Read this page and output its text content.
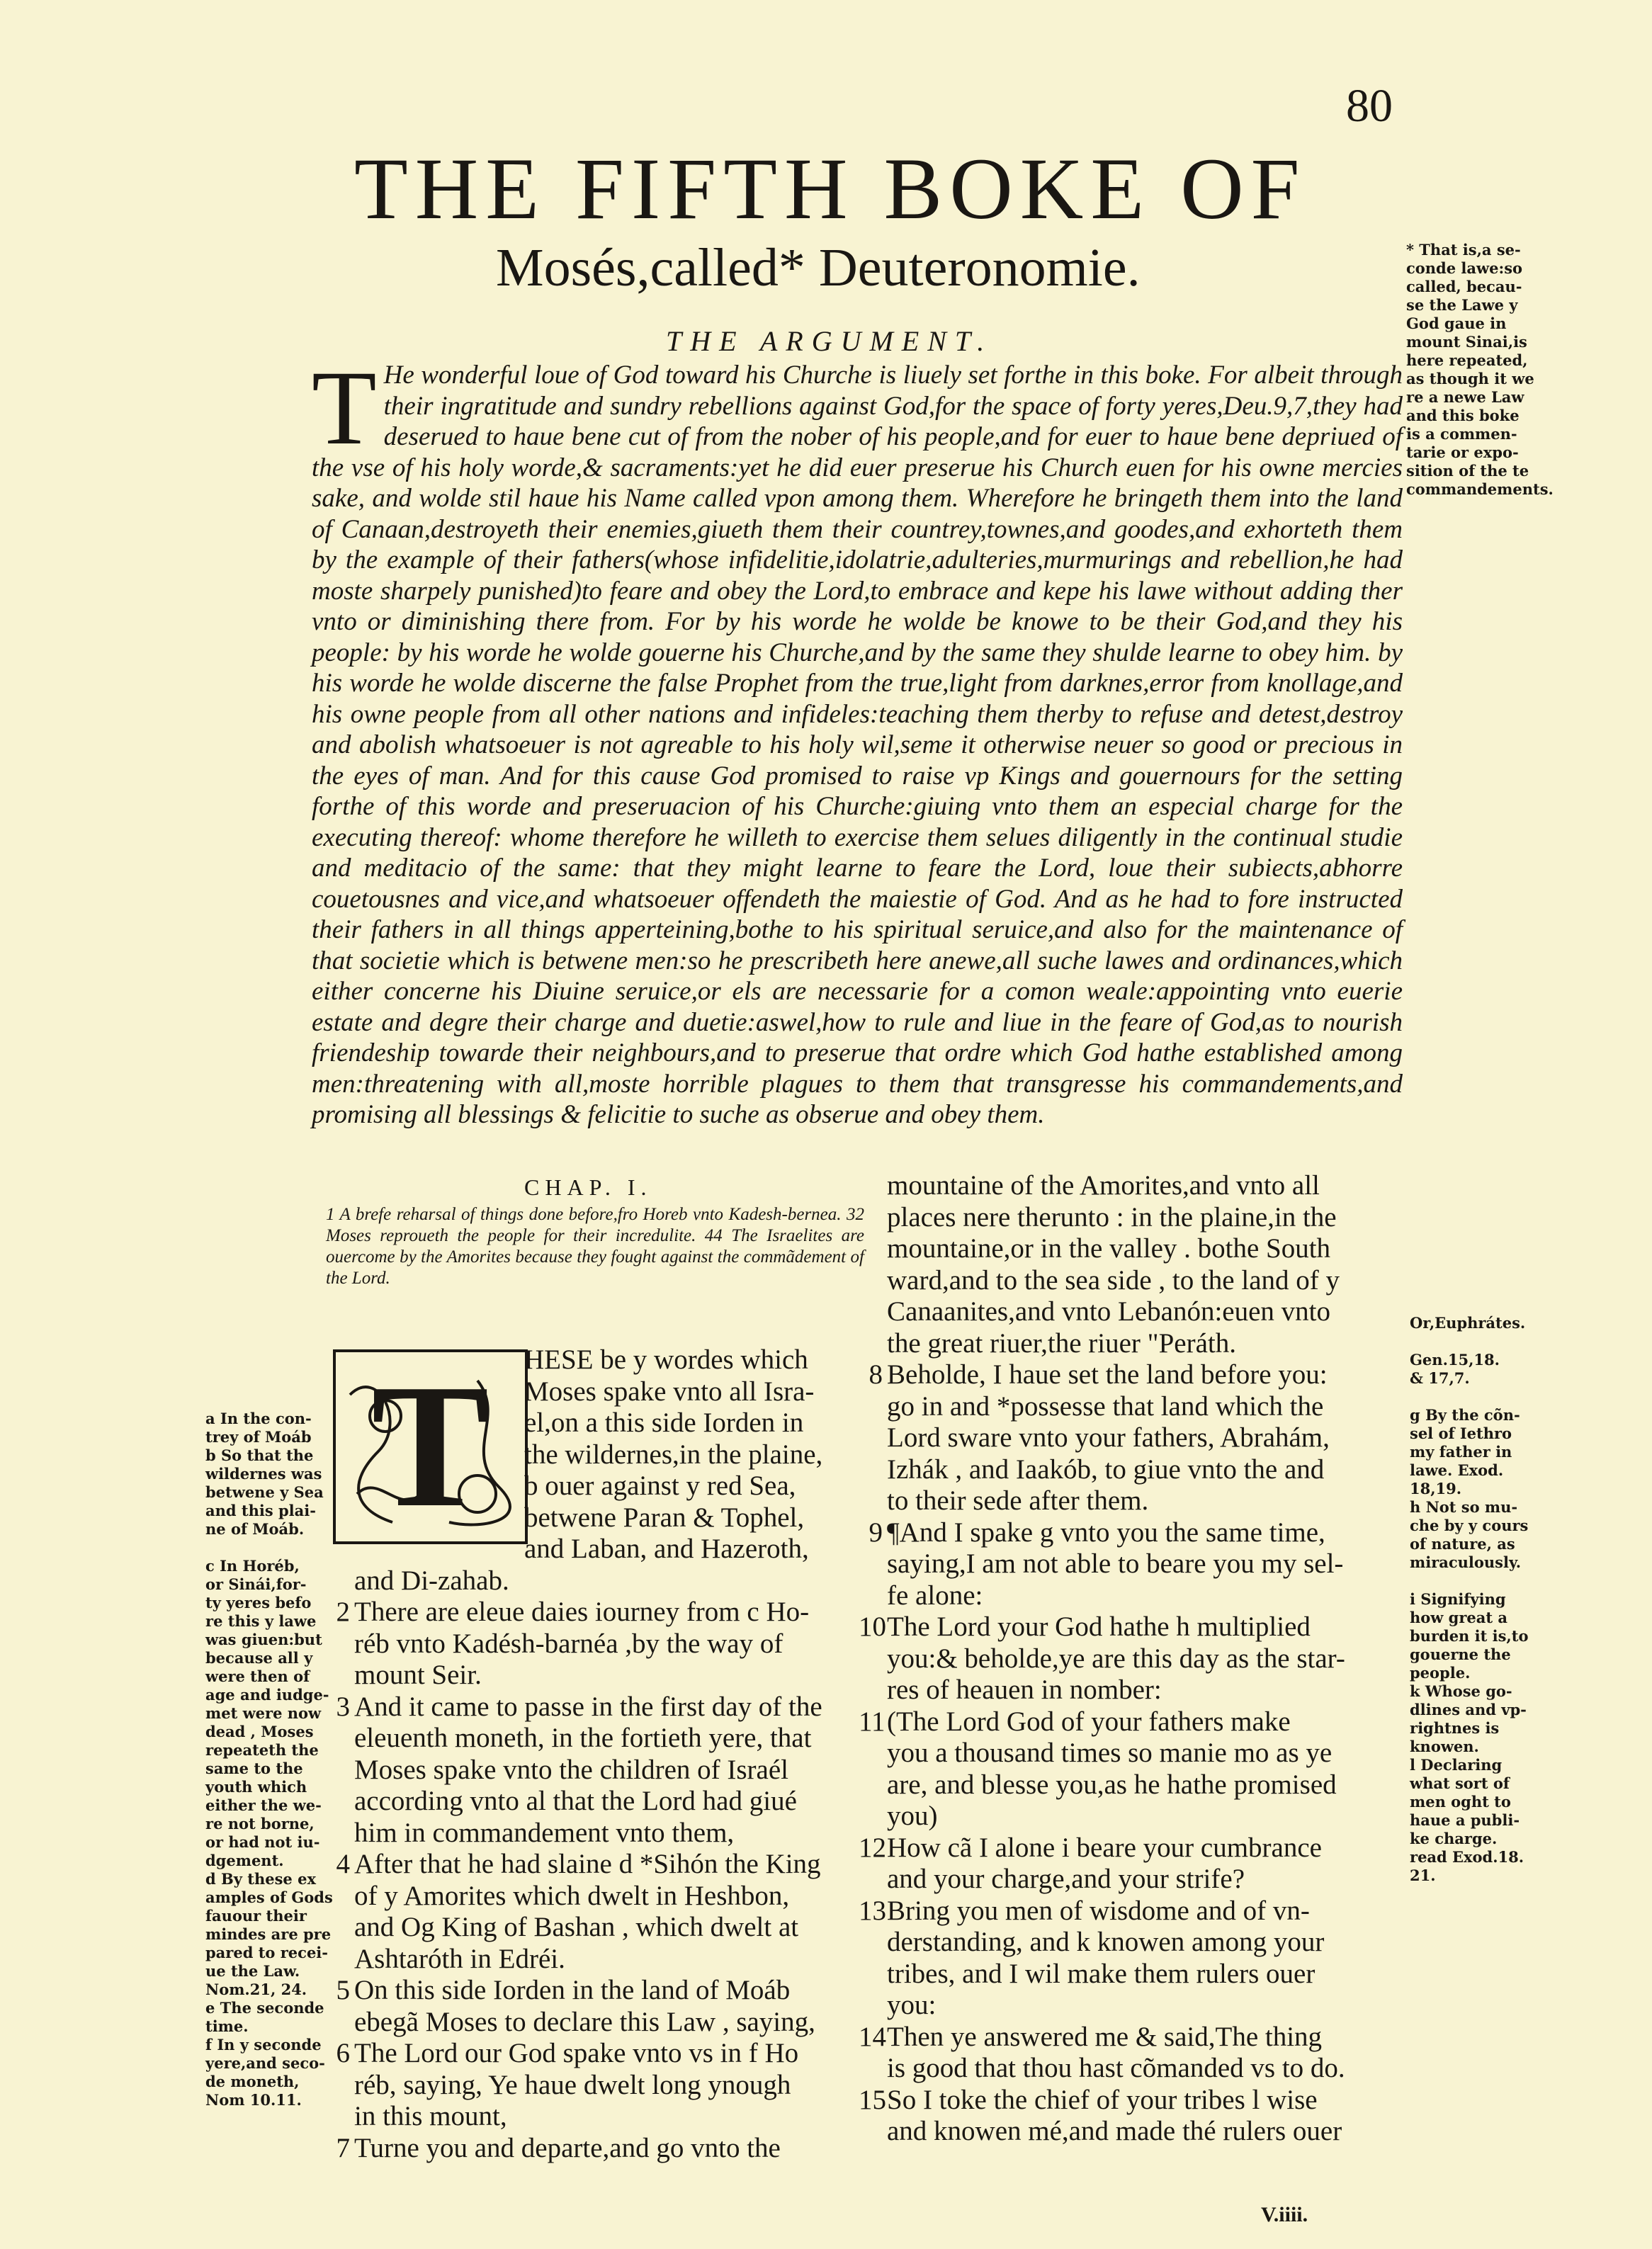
80
THE FIFTH BOKE OF
Mosés,called* Deuteronomie.	* That is,a se-
conde lawe:so
called, becau-
se the Lawe y
God gaue in
mount Sinai,is
here repeated,
as though it we
re a newe Law
and this boke
is a commen-
tarie or expo-
sition of the te
commandements.
THE ARGUMENT.
T He wonderful loue of God toward his Churche is liuely set forthe in this boke. For albeit through their ingratitude and sundry rebellions against God,for the space of forty yeres,Deu.9,7,they had deserued to haue bene cut of from the nober of his people,and for euer to haue bene depriued of the vse of his holy worde,& sacraments:yet he did euer preserue his Church euen for his owne mercies sake, and wolde stil haue his Name called vpon among them. Wherefore he bringeth them into the land of Canaan,destroyeth their enemies,giueth them their countrey,townes,and goodes,and exhorteth them by the example of their fathers(whose infidelitie,idolatrie,adulteries,murmurings and rebellion,he had moste sharpely punished)to feare and obey the Lord,to embrace and kepe his lawe without adding ther vnto or diminishing there from. For by his worde he wolde be knowe to be their God,and they his people: by his worde he wolde gouerne his Churche,and by the same they shulde learne to obey him. by his worde he wolde discerne the false Prophet from the true,light from darknes,error from knollage,and his owne people from all other nations and infideles:teaching them therby to refuse and detest,destroy and abolish whatsoeuer is not agreable to his holy wil,seme it otherwise neuer so good or precious in the eyes of man. And for this cause God promised to raise vp Kings and gouernours for the setting forthe of this worde and preseruacion of his Churche:giuing vnto them an especial charge for the executing thereof: whome therefore he willeth to exercise them selues diligently in the continual studie and meditacio of the same: that they might learne to feare the Lord, loue their subiects,abhorre couetousnes and vice,and whatsoeuer offendeth the maiestie of God. And as he had to fore instructed their fathers in all things apperteining,bothe to his spiritual seruice,and also for the maintenance of that societie which is betwene men:so he prescribeth here anewe,all suche lawes and ordinances,which either concerne his Diuine seruice,or els are necessarie for a comon weale:appointing vnto euerie estate and degre their charge and duetie:aswel,how to rule and liue in the feare of God,as to nourish friendeship towarde their neighbours,and to preserue that ordre which God hathe established among men:threatening with all,moste horrible plagues to them that transgresse his commandements,and promising all blessings & felicitie to suche as obserue and obey them.
CHAP. I.
1 A brefe reharsal of things done before,fro Horeb vnto Kadesh-bernea. 32 Moses reproueth the people for their incredulite. 44 The Israelites are ouercome by the Amorites because they fought against the commãdement of the Lord.
T	HESE be y wordes which
Moses spake vnto all Isra-
el,on a this side Iorden in
the wildernes,in the plaine,
b ouer against y red Sea,
betwene Paran & Tophel,
and Laban, and Hazeroth,
and Di-zahab.
2 There are eleue daies iourney from c Ho-
réb vnto Kadésh-barnéa ,by the way of
mount Seir.
3 And it came to passe in the first day of the
eleuenth moneth, in the fortieth yere, that
Moses spake vnto the children of Israél
according vnto al that the Lord had giué
him in commandement vnto them,
4 After that he had slaine d *Sihón the King
of y Amorites which dwelt in Heshbon,
and Og King of Bashan , which dwelt at
Ashtaróth in Edréi.
5 On this side Iorden in the land of Moáb
ebegã Moses to declare this Law , saying,
6 The Lord our God spake vnto vs in f Ho
réb, saying, Ye haue dwelt long ynough
in this mount,
7 Turne you and departe,and go vnto the
mountaine of the Amorites,and vnto all
places nere therunto : in the plaine,in the
mountaine,or in the valley . bothe South
ward,and to the sea side , to the land of y
Canaanites,and vnto Lebanón:euen vnto
the great riuer,the riuer "Peráth.
8 Beholde, I haue set the land before you:
go in and *possesse that land which the
Lord sware vnto your fathers, Abrahám,
Izhák , and Iaakób, to giue vnto the and
to their sede after them.
9 ¶And I spake g vnto you the same time,
saying,I am not able to beare you my sel-
fe alone:
10 The Lord your God hathe h multiplied
you:& beholde,ye are this day as the star-
res of heauen in nomber:
11 (The Lord God of your fathers make
you a thousand times so manie mo as ye
are, and blesse you,as he hathe promised
you)
12 How cã I alone i beare your cumbrance
and your charge,and your strife?
13 Bring you men of wisdome and of vn-
derstanding, and k knowen among your
tribes, and I wil make them rulers ouer
you:
14 Then ye answered me & said,The thing
is good that thou hast cõmanded vs to do.
15 So I toke the chief of your tribes l wise
and knowen mé,and made thé rulers ouer
a In the con-
trey of Moáb
b So that the
wildernes was
betwene y Sea
and this plai-
ne of Moáb.

c In Horéb,
or Sinái,for-
ty yeres befo
re this y lawe
was giuen:but
because all y
were then of
age and iudge-
met were now
dead , Moses
repeateth the
same to the
youth which
either the we-
re not borne,
or had not iu-
dgement.
d By these ex
amples of Gods
fauour their
mindes are pre
pared to recei-
ue the Law.
Nom.21, 24.
e The seconde
time.
f In y seconde
yere,and seco-
de moneth,
Nom 10.11.
Or,Euphrátes.

Gen.15,18.
& 17,7.

g By the cõn-
sel of Iethro
my father in
lawe. Exod.
18,19.
h Not so mu-
che by y cours
of nature, as
miraculously.

i Signifying
how great a
burden it is,to
gouerne the
people.
k Whose go-
dlines and vp-
rightnes is
knowen.
l Declaring
what sort of
men oght to
haue a publi-
ke charge.
read Exod.18.
21.
V.iiii.
